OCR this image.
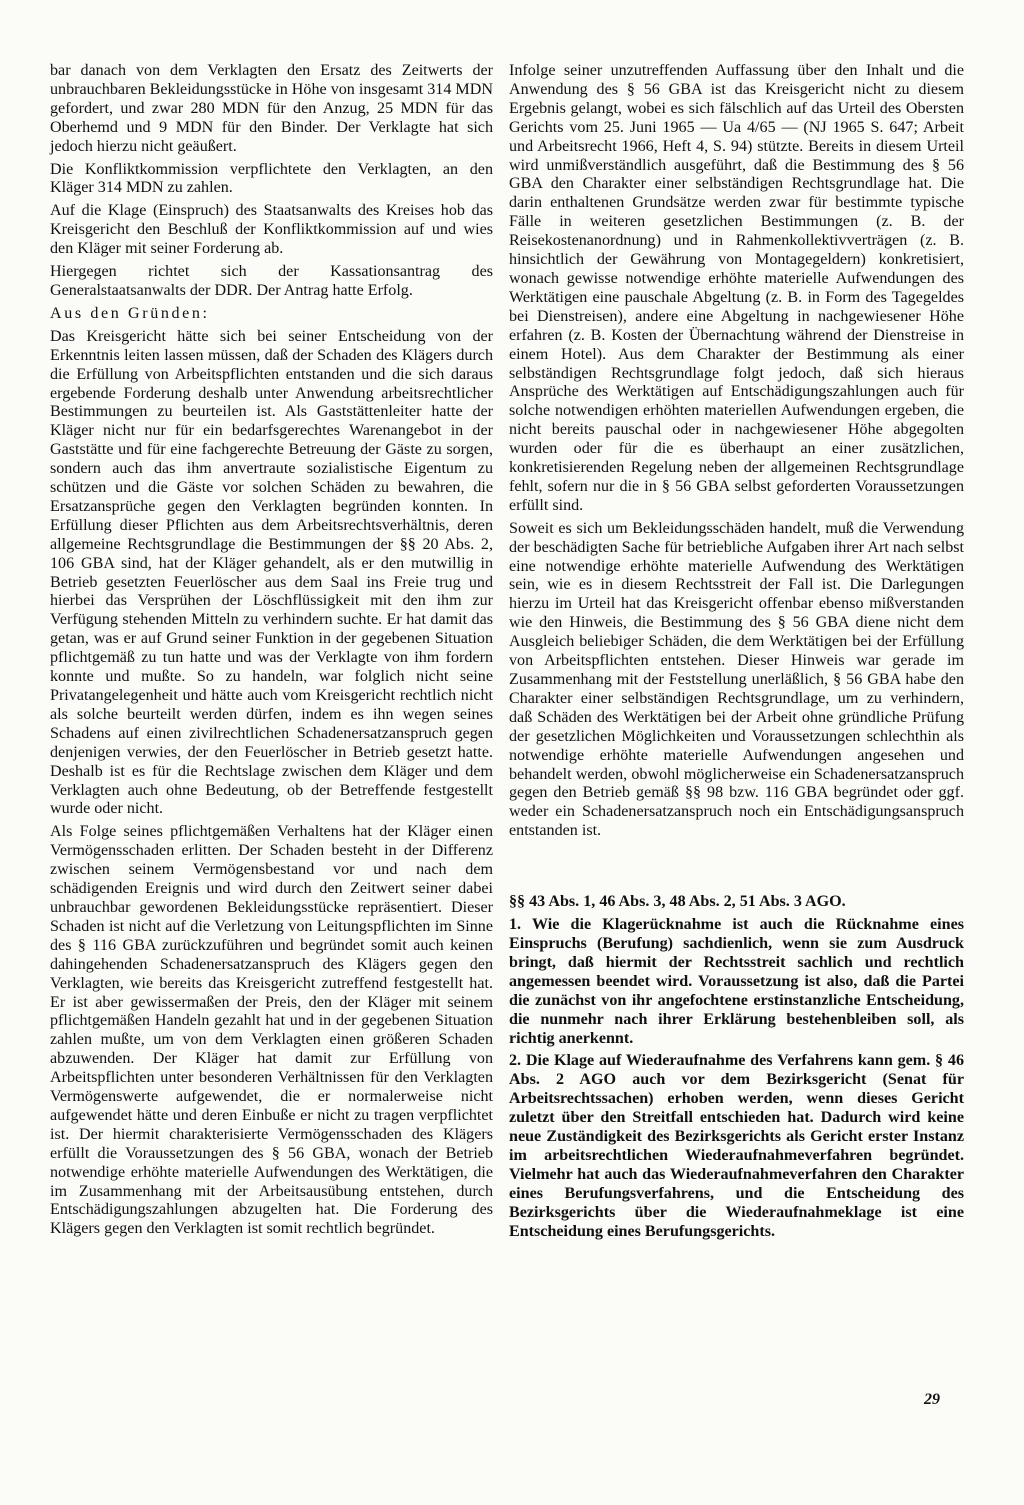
bar danach von dem Verklagten den Ersatz des Zeitwerts der unbrauchbaren Bekleidungsstücke in Höhe von insgesamt 314 MDN gefordert, und zwar 280 MDN für den Anzug, 25 MDN für das Oberhemd und 9 MDN für den Binder. Der Verklagte hat sich jedoch hierzu nicht geäußert.

Die Konfliktkommission verpflichtete den Verklagten, an den Kläger 314 MDN zu zahlen.

Auf die Klage (Einspruch) des Staatsanwalts des Kreises hob das Kreisgericht den Beschluß der Konfliktkommission auf und wies den Kläger mit seiner Forderung ab.

Hiergegen richtet sich der Kassationsantrag des Generalstaatsanwalts der DDR. Der Antrag hatte Erfolg.

Aus den Gründen:

Das Kreisgericht hätte sich bei seiner Entscheidung von der Erkenntnis leiten lassen müssen, daß der Schaden des Klägers durch die Erfüllung von Arbeitspflichten entstanden und die sich daraus ergebende Forderung deshalb unter Anwendung arbeitsrechtlicher Bestimmungen zu beurteilen ist. Als Gaststättenleiter hatte der Kläger nicht nur für ein bedarfsgerechtes Warenangebot in der Gaststätte und für eine fachgerechte Betreuung der Gäste zu sorgen, sondern auch das ihm anvertraute sozialistische Eigentum zu schützen und die Gäste vor solchen Schäden zu bewahren, die Ersatzansprüche gegen den Verklagten begründen konnten. In Erfüllung dieser Pflichten aus dem Arbeitsrechtsverhältnis, deren allgemeine Rechtsgrundlage die Bestimmungen der §§ 20 Abs. 2, 106 GBA sind, hat der Kläger gehandelt, als er den mutwillig in Betrieb gesetzten Feuerlöscher aus dem Saal ins Freie trug und hierbei das Versprühen der Löschflüssigkeit mit den ihm zur Verfügung stehenden Mitteln zu verhindern suchte. Er hat damit das getan, was er auf Grund seiner Funktion in der gegebenen Situation pflichtgemäß zu tun hatte und was der Verklagte von ihm fordern konnte und mußte. So zu handeln, war folglich nicht seine Privatangelegenheit und hätte auch vom Kreisgericht rechtlich nicht als solche beurteilt werden dürfen, indem es ihn wegen seines Schadens auf einen zivilrechtlichen Schadenersatzanspruch gegen denjenigen verwies, der den Feuerlöscher in Betrieb gesetzt hatte. Deshalb ist es für die Rechtslage zwischen dem Kläger und dem Verklagten auch ohne Bedeutung, ob der Betreffende festgestellt wurde oder nicht.

Als Folge seines pflichtgemäßen Verhaltens hat der Kläger einen Vermögensschaden erlitten. Der Schaden besteht in der Differenz zwischen seinem Vermögensbestand vor und nach dem schädigenden Ereignis und wird durch den Zeitwert seiner dabei unbrauchbar gewordenen Bekleidungsstücke repräsentiert. Dieser Schaden ist nicht auf die Verletzung von Leitungspflichten im Sinne des § 116 GBA zurückzuführen und begründet somit auch keinen dahingehenden Schadenersatzanspruch des Klägers gegen den Verklagten, wie bereits das Kreisgericht zutreffend festgestellt hat. Er ist aber gewissermaßen der Preis, den der Kläger mit seinem pflichtgemäßen Handeln gezahlt hat und in der gegebenen Situation zahlen mußte, um von dem Verklagten einen größeren Schaden abzuwenden. Der Kläger hat damit zur Erfüllung von Arbeitspflichten unter besonderen Verhältnissen für den Verklagten Vermögenswerte aufgewendet, die er normalerweise nicht aufgewendet hätte und deren Einbuße er nicht zu tragen verpflichtet ist. Der hiermit charakterisierte Vermögensschaden des Klägers erfüllt die Voraussetzungen des § 56 GBA, wonach der Betrieb notwendige erhöhte materielle Aufwendungen des Werktätigen, die im Zusammenhang mit der Arbeitsausübung entstehen, durch Entschädigungszahlungen abzugelten hat. Die Forderung des Klägers gegen den Verklagten ist somit rechtlich begründet.

Infolge seiner unzutreffenden Auffassung über den Inhalt und die Anwendung des § 56 GBA ist das Kreisgericht nicht zu diesem Ergebnis gelangt, wobei es sich fälschlich auf das Urteil des Obersten Gerichts vom 25. Juni 1965 — Ua 4/65 — (NJ 1965 S. 647; Arbeit und Arbeitsrecht 1966, Heft 4, S. 94) stützte. Bereits in diesem Urteil wird unmißverständlich ausgeführt, daß die Bestimmung des § 56 GBA den Charakter einer selbständigen Rechtsgrundlage hat. Die darin enthaltenen Grundsätze werden zwar für bestimmte typische Fälle in weiteren gesetzlichen Bestimmungen (z. B. der Reisekostenanordnung) und in Rahmenkollektivverträgen (z. B. hinsichtlich der Gewährung von Montagegeldern) konkretisiert, wonach gewisse notwendige erhöhte materielle Aufwendungen des Werktätigen eine pauschale Abgeltung (z. B. in Form des Tagegeldes bei Dienstreisen), andere eine Abgeltung in nachgewiesener Höhe erfahren (z. B. Kosten der Übernachtung während der Dienstreise in einem Hotel). Aus dem Charakter der Bestimmung als einer selbständigen Rechtsgrundlage folgt jedoch, daß sich hieraus Ansprüche des Werktätigen auf Entschädigungszahlungen auch für solche notwendigen erhöhten materiellen Aufwendungen ergeben, die nicht bereits pauschal oder in nachgewiesener Höhe abgegolten wurden oder für die es überhaupt an einer zusätzlichen, konkretisierenden Regelung neben der allgemeinen Rechtsgrundlage fehlt, sofern nur die in § 56 GBA selbst geforderten Voraussetzungen erfüllt sind.

Soweit es sich um Bekleidungsschäden handelt, muß die Verwendung der beschädigten Sache für betriebliche Aufgaben ihrer Art nach selbst eine notwendige erhöhte materielle Aufwendung des Werktätigen sein, wie es in diesem Rechtsstreit der Fall ist. Die Darlegungen hierzu im Urteil hat das Kreisgericht offenbar ebenso mißverstanden wie den Hinweis, die Bestimmung des § 56 GBA diene nicht dem Ausgleich beliebiger Schäden, die dem Werktätigen bei der Erfüllung von Arbeitspflichten entstehen. Dieser Hinweis war gerade im Zusammenhang mit der Feststellung unerläßlich, § 56 GBA habe den Charakter einer selbständigen Rechtsgrundlage, um zu verhindern, daß Schäden des Werktätigen bei der Arbeit ohne gründliche Prüfung der gesetzlichen Möglichkeiten und Voraussetzungen schlechthin als notwendige erhöhte materielle Aufwendungen angesehen und behandelt werden, obwohl möglicherweise ein Schadenersatzanspruch gegen den Betrieb gemäß §§ 98 bzw. 116 GBA begründet oder ggf. weder ein Schadenersatzanspruch noch ein Entschädigungsanspruch entstanden ist.

§§ 43 Abs. 1, 46 Abs. 3, 48 Abs. 2, 51 Abs. 3 AGO.

1. Wie die Klagerücknahme ist auch die Rücknahme eines Einspruchs (Berufung) sachdienlich, wenn sie zum Ausdruck bringt, daß hiermit der Rechtsstreit sachlich und rechtlich angemessen beendet wird. Voraussetzung ist also, daß die Partei die zunächst von ihr angefochtene erstinstanzliche Entscheidung, die nunmehr nach ihrer Erklärung bestehenbleiben soll, als richtig anerkennt.

2. Die Klage auf Wiederaufnahme des Verfahrens kann gem. § 46 Abs. 2 AGO auch vor dem Bezirksgericht (Senat für Arbeitsrechtssachen) erhoben werden, wenn dieses Gericht zuletzt über den Streitfall entschieden hat. Dadurch wird keine neue Zuständigkeit des Bezirksgerichts als Gericht erster Instanz im arbeitsrechtlichen Wiederaufnahmeverfahren begründet. Vielmehr hat auch das Wiederaufnahmeverfahren den Charakter eines Berufungsverfahrens, und die Entscheidung des Bezirksgerichts über die Wiederaufnahmeklage ist eine Entscheidung eines Berufungsgerichts.

29
